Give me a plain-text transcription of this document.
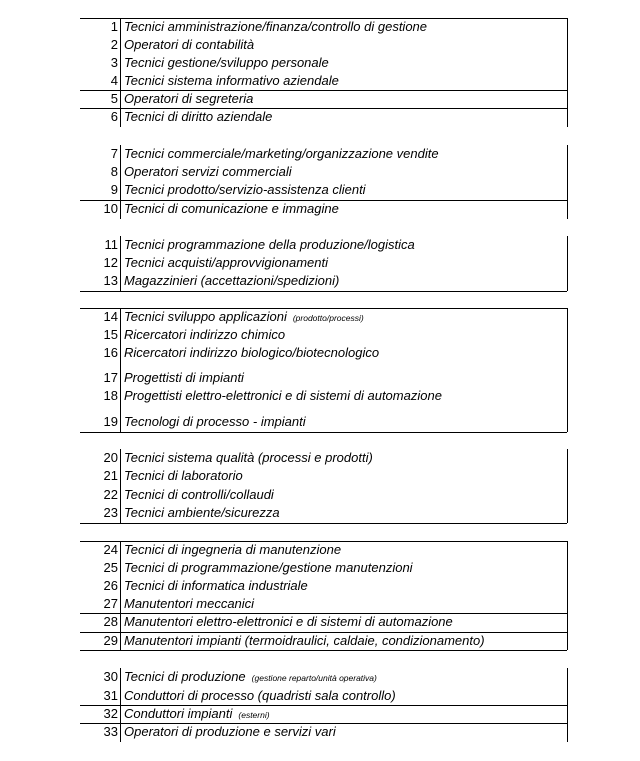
1 Tecnici amministrazione/finanza/controllo di gestione
2 Operatori di contabilità
3 Tecnici gestione/sviluppo personale
4 Tecnici sistema informativo aziendale
5 Operatori di segreteria
6 Tecnici di diritto aziendale
7 Tecnici commerciale/marketing/organizzazione vendite
8 Operatori servizi commerciali
9 Tecnici prodotto/servizio-assistenza clienti
10 Tecnici di comunicazione e immagine
11 Tecnici programmazione della produzione/logistica
12 Tecnici acquisti/approvvigionamenti
13 Magazzinieri (accettazioni/spedizioni)
14 Tecnici sviluppo applicazioni (prodotto/processi)
15 Ricercatori indirizzo chimico
16 Ricercatori indirizzo biologico/biotecnologico
17 Progettisti di impianti
18 Progettisti elettro-elettronici e di sistemi di automazione
19 Tecnologi di processo - impianti
20 Tecnici sistema qualità (processi e prodotti)
21 Tecnici di laboratorio
22 Tecnici di controlli/collaudi
23 Tecnici ambiente/sicurezza
24 Tecnici di ingegneria di manutenzione
25 Tecnici di programmazione/gestione manutenzioni
26 Tecnici di informatica industriale
27 Manutentori meccanici
28 Manutentori elettro-elettronici e di sistemi di automazione
29 Manutentori impianti (termoidraulici, caldaie, condizionamento)
30 Tecnici di produzione (gestione reparto/unità operativa)
31 Conduttori di processo (quadristi sala controllo)
32 Conduttori impianti (esterni)
33 Operatori di produzione e servizi vari
